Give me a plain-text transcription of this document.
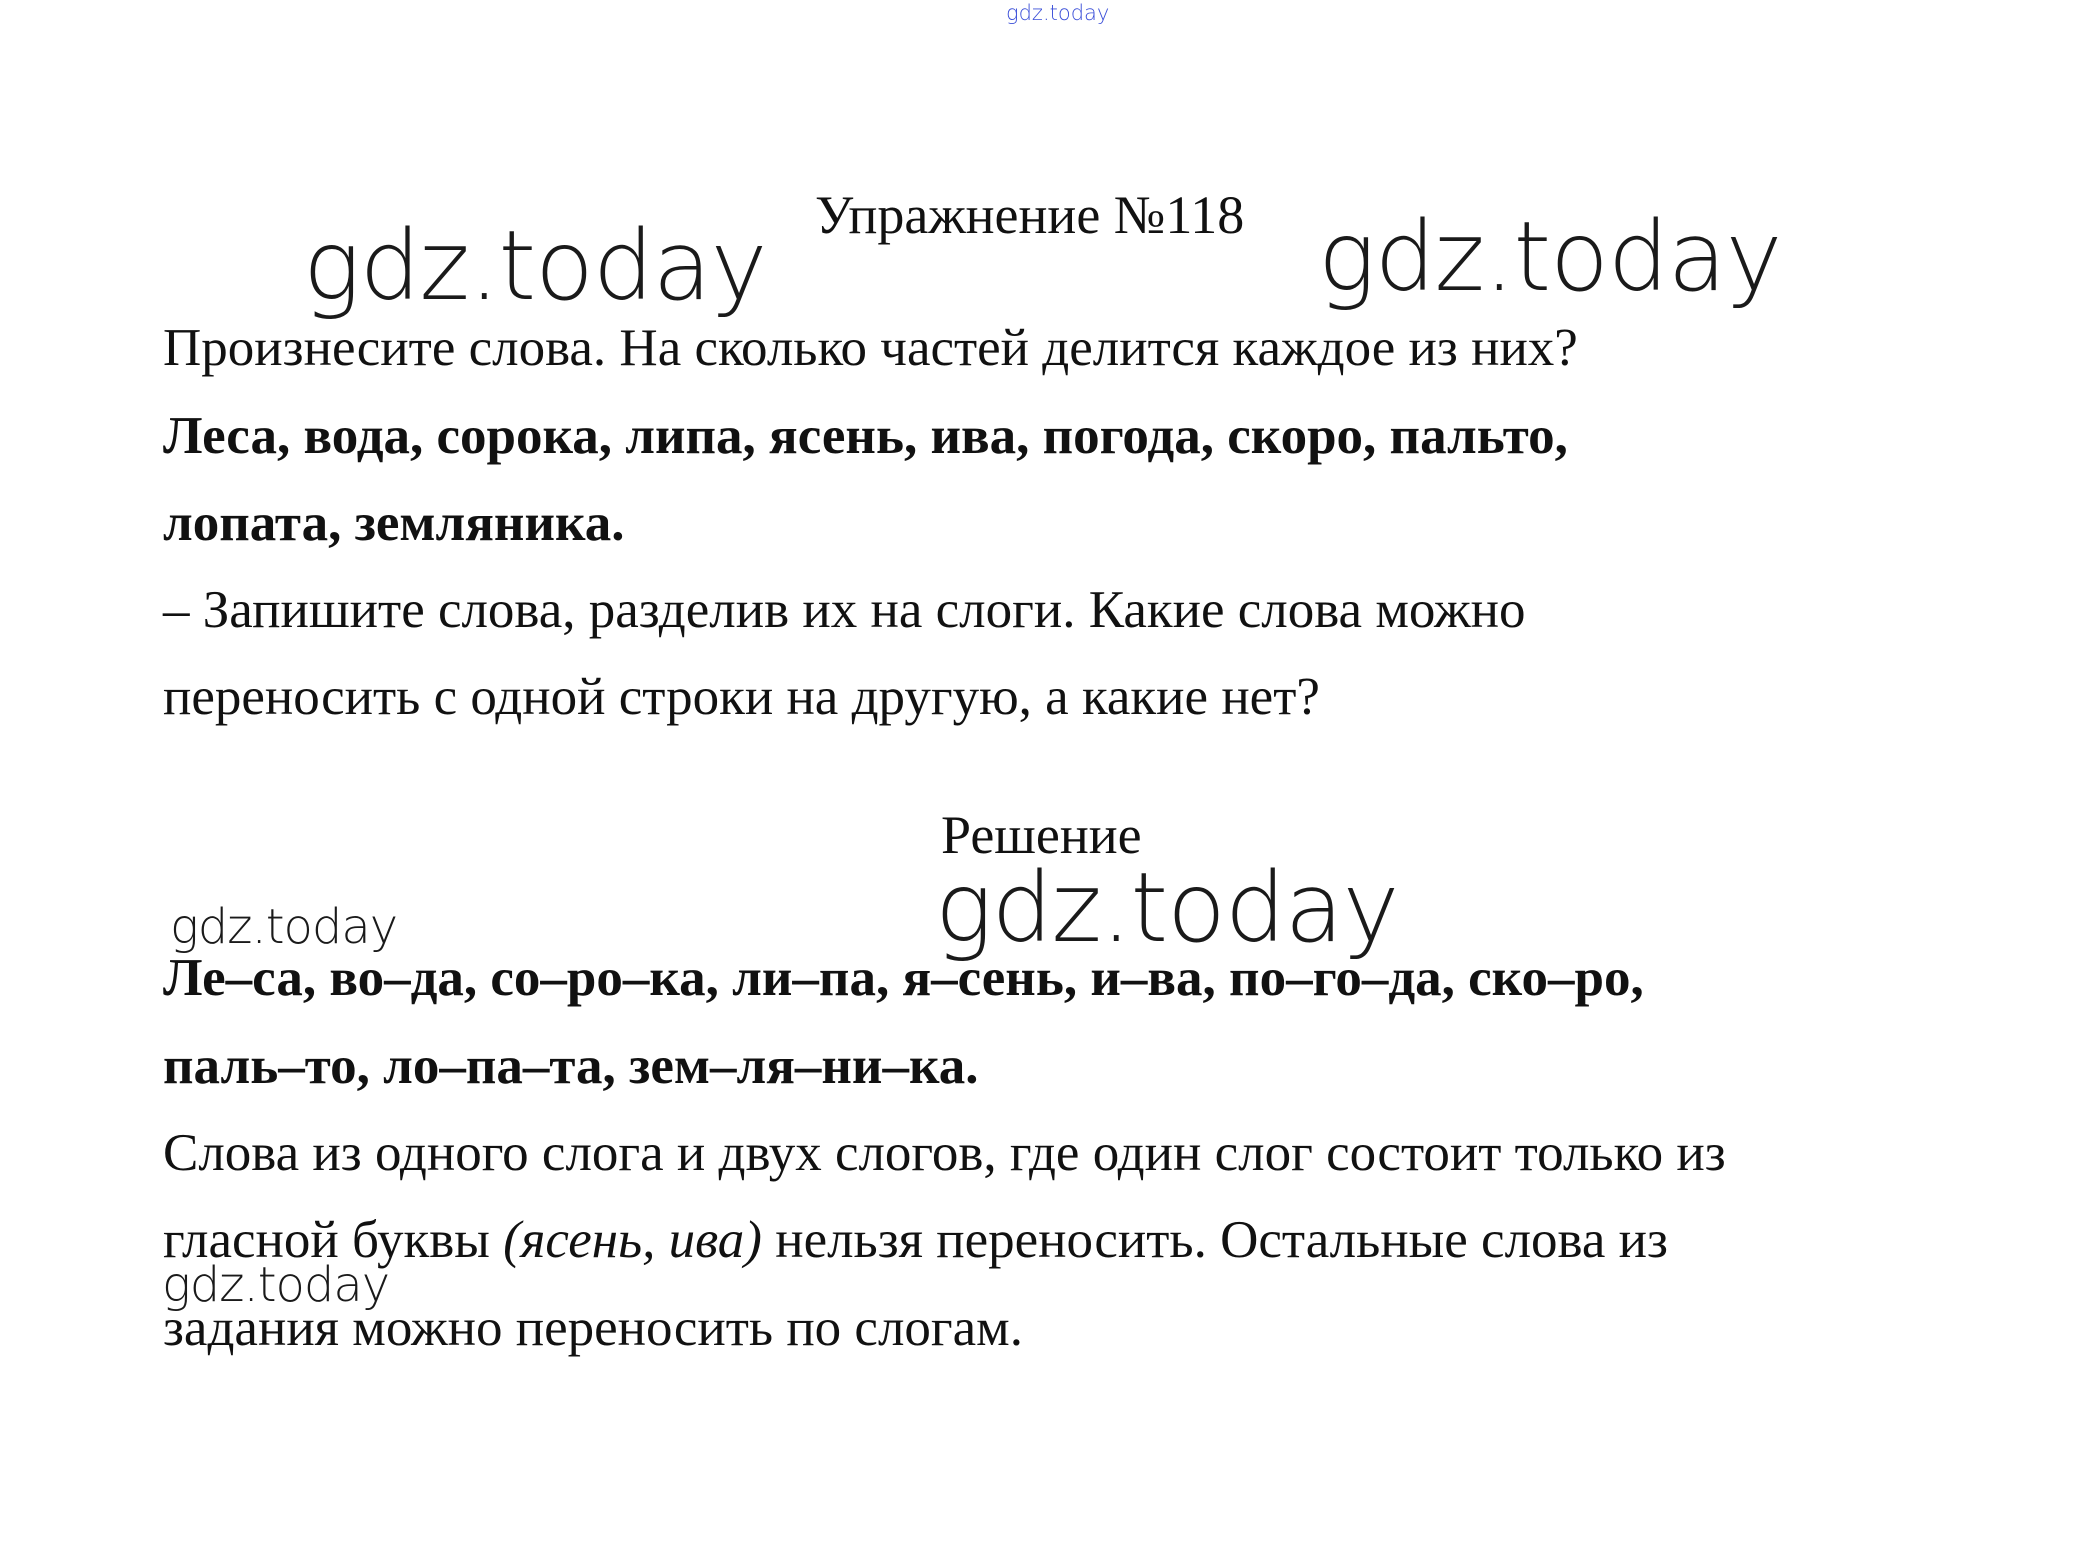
gdz.today
Упражнение №118
gdz.today	gdz.today
Произнесите слова. На сколько частей делится каждое из них?
Леса, вода, сорока, липа, ясень, ива, погода, скоро, пальто,
лопата, земляника.
– Запишите слова, разделив их на слоги. Какие слова можно
переносить с одной строки на другую, а какие нет?
Решение
gdz.today
gdz.today
Ле–са, во–да, со–ро–ка, ли–па, я–сень, и–ва, по–го–да, ско–ро,
паль–то, ло–па–та, зем–ля–ни–ка.
Слова из одного слога и двух слогов, где один слог состоит только из
гласной буквы (ясень, ива) нельзя переносить. Остальные слова из
gdz.today
задания можно переносить по слогам.
